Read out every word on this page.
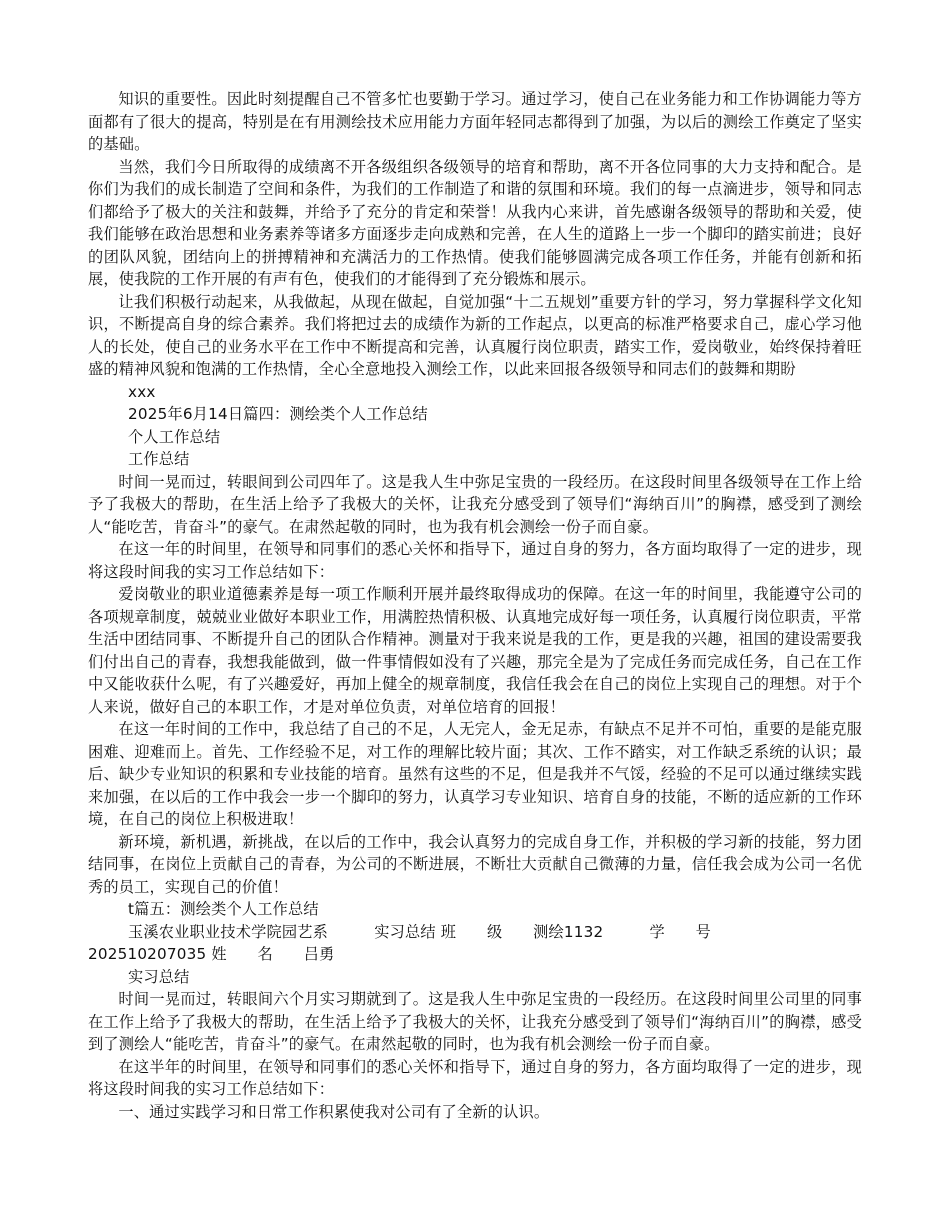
知识的重要性。因此时刻提醒自己不管多忙也要勤于学习。通过学习，使自己在业务能力和工作协调能力等方面都有了很大的提高，特别是在有用测绘技术应用能力方面年轻同志都得到了加强，为以后的测绘工作奠定了坚实的基础。

当然，我们今日所取得的成绩离不开各级组织各级领导的培育和帮助，离不开各位同事的大力支持和配合。是你们为我们的成长制造了空间和条件，为我们的工作制造了和谐的氛围和环境。我们的每一点滴进步，领导和同志们都给予了极大的关注和鼓舞，并给予了充分的肯定和荣誉！从我内心来讲，首先感谢各级领导的帮助和关爱，使我们能够在政治思想和业务素养等诸多方面逐步走向成熟和完善，在人生的道路上一步一个脚印的踏实前进；良好的团队风貌，团结向上的拼搏精神和充满活力的工作热情。使我们能够圆满完成各项工作任务，并能有创新和拓展，使我院的工作开展的有声有色，使我们的才能得到了充分锻炼和展示。

让我们积极行动起来，从我做起，从现在做起，自觉加强“十二五规划”重要方针的学习，努力掌握科学文化知识，不断提高自身的综合素养。我们将把过去的成绩作为新的工作起点，以更高的标准严格要求自己，虚心学习他人的长处，使自己的业务水平在工作中不断提高和完善，认真履行岗位职责，踏实工作，爱岗敬业，始终保持着旺盛的精神风貌和饱满的工作热情，全心全意地投入测绘工作，以此来回报各级领导和同志们的鼓舞和期盼

xxx

2025年6月14日篇四：测绘类个人工作总结

个人工作总结

工作总结

时间一晃而过，转眼间到公司四年了。这是我人生中弥足宝贵的一段经历。在这段时间里各级领导在工作上给予了我极大的帮助，在生活上给予了我极大的关怀，让我充分感受到了领导们“海纳百川”的胸襟，感受到了测绘人“能吃苦，肯奋斗”的豪气。在肃然起敬的同时，也为我有机会测绘一份子而自豪。

在这一年的时间里，在领导和同事们的悉心关怀和指导下，通过自身的努力，各方面均取得了一定的进步，现将这段时间我的实习工作总结如下：

爱岗敬业的职业道德素养是每一项工作顺利开展并最终取得成功的保障。在这一年的时间里，我能遵守公司的各项规章制度，兢兢业业做好本职业工作，用满腔热情积极、认真地完成好每一项任务，认真履行岗位职责，平常生活中团结同事、不断提升自己的团队合作精神。测量对于我来说是我的工作，更是我的兴趣，祖国的建设需要我们付出自己的青春，我想我能做到，做一件事情假如没有了兴趣，那完全是为了完成任务而完成任务，自己在工作中又能收获什么呢，有了兴趣爱好，再加上健全的规章制度，我信任我会在自己的岗位上实现自己的理想。对于个人来说，做好自己的本职工作，才是对单位负责，对单位培育的回报！

在这一年时间的工作中，我总结了自己的不足，人无完人，金无足赤，有缺点不足并不可怕，重要的是能克服困难、迎难而上。首先、工作经验不足，对工作的理解比较片面；其次、工作不踏实，对工作缺乏系统的认识；最后、缺少专业知识的积累和专业技能的培育。虽然有这些的不足，但是我并不气馁，经验的不足可以通过继续实践来加强，在以后的工作中我会一步一个脚印的努力，认真学习专业知识、培育自身的技能，不断的适应新的工作环境，在自己的岗位上积极进取！

新环境，新机遇，新挑战，在以后的工作中，我会认真努力的完成自身工作，并积极的学习新的技能，努力团结同事，在岗位上贡献自己的青春，为公司的不断进展，不断壮大贡献自己微薄的力量，信任我会成为公司一名优秀的员工，实现自己的价值！

t篇五：测绘类个人工作总结

玉溪农业职业技术学院园艺系　　　实习总结 班　　级　　测绘1132　　　学　　号

202510207035 姓　　名　　吕勇

实习总结

时间一晃而过，转眼间六个月实习期就到了。这是我人生中弥足宝贵的一段经历。在这段时间里公司里的同事在工作上给予了我极大的帮助，在生活上给予了我极大的关怀，让我充分感受到了领导们“海纳百川”的胸襟，感受到了测绘人“能吃苦，肯奋斗”的豪气。在肃然起敬的同时，也为我有机会测绘一份子而自豪。

在这半年的时间里，在领导和同事们的悉心关怀和指导下，通过自身的努力，各方面均取得了一定的进步，现将这段时间我的实习工作总结如下：

一、通过实践学习和日常工作积累使我对公司有了全新的认识。
